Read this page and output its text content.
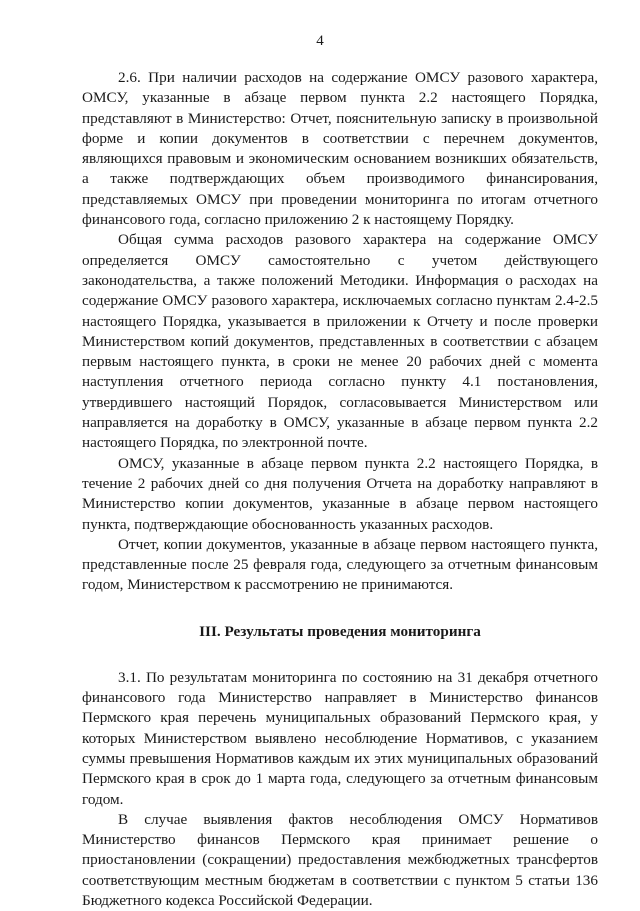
4

2.6. При наличии расходов на содержание ОМСУ разового характера, ОМСУ, указанные в абзаце первом пункта 2.2 настоящего Порядка, представляют в Министерство: Отчет, пояснительную записку в произвольной форме и копии документов в соответствии с перечнем документов, являющихся правовым и экономическим основанием возникших обязательств, а также подтверждающих объем производимого финансирования, представляемых ОМСУ при проведении мониторинга по итогам отчетного финансового года, согласно приложению 2 к настоящему Порядку.

Общая сумма расходов разового характера на содержание ОМСУ определяется ОМСУ самостоятельно с учетом действующего законодательства, а также положений Методики. Информация о расходах на содержание ОМСУ разового характера, исключаемых согласно пунктам 2.4-2.5 настоящего Порядка, указывается в приложении к Отчету и после проверки Министерством копий документов, представленных в соответствии с абзацем первым настоящего пункта, в сроки не менее 20 рабочих дней с момента наступления отчетного периода согласно пункту 4.1 постановления, утвердившего настоящий Порядок, согласовывается Министерством или направляется на доработку в ОМСУ, указанные в абзаце первом пункта 2.2 настоящего Порядка, по электронной почте.

ОМСУ, указанные в абзаце первом пункта 2.2 настоящего Порядка, в течение 2 рабочих дней со дня получения Отчета на доработку направляют в Министерство копии документов, указанные в абзаце первом настоящего пункта, подтверждающие обоснованность указанных расходов.

Отчет, копии документов, указанные в абзаце первом настоящего пункта, представленные после 25 февраля года, следующего за отчетным финансовым годом, Министерством к рассмотрению не принимаются.

III. Результаты проведения мониторинга

3.1. По результатам мониторинга по состоянию на 31 декабря отчетного финансового года Министерство направляет в Министерство финансов Пермского края перечень муниципальных образований Пермского края, у которых Министерством выявлено несоблюдение Нормативов, с указанием суммы превышения Нормативов каждым их этих муниципальных образований Пермского края в срок до 1 марта года, следующего за отчетным финансовым годом.

В случае выявления фактов несоблюдения ОМСУ Нормативов Министерство финансов Пермского края принимает решение о приостановлении (сокращении) предоставления межбюджетных трансфертов соответствующим местным бюджетам в соответствии с пунктом 5 статьи 136 Бюджетного кодекса Российской Федерации.
